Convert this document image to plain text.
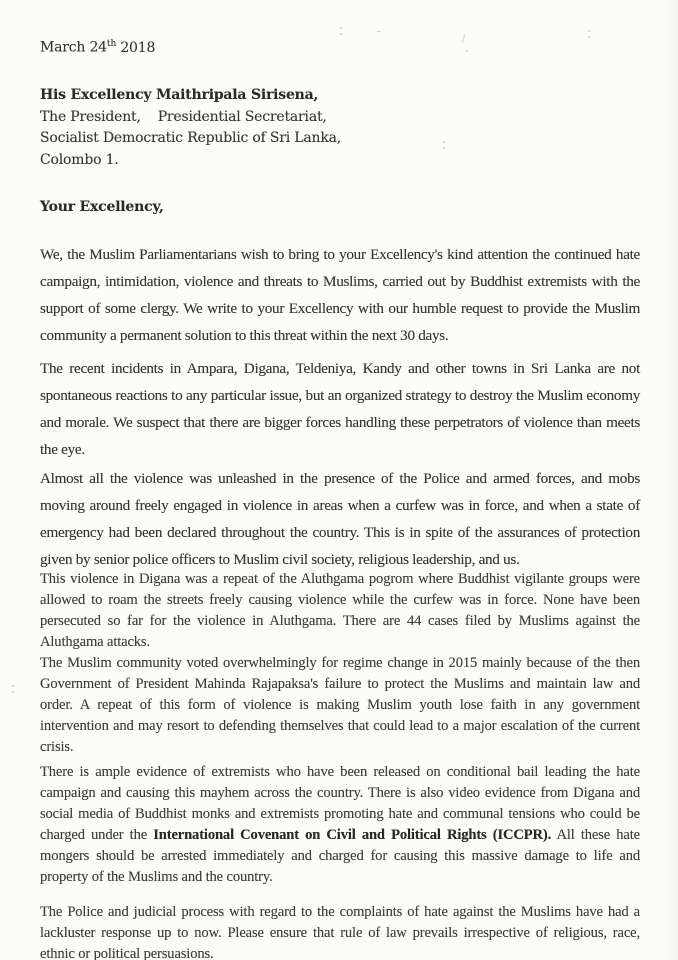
March 24th 2018
His Excellency Maithripala Sirisena,
The President,    Presidential Secretariat,
Socialist Democratic Republic of Sri Lanka,
Colombo 1.
Your Excellency,

We, the Muslim Parliamentarians wish to bring to your Excellency's kind attention the continued hate campaign, intimidation, violence and threats to Muslims, carried out by Buddhist extremists with the support of some clergy. We write to your Excellency with our humble request to provide the Muslim community a permanent solution to this threat within the next 30 days.

The recent incidents in Ampara, Digana, Teldeniya, Kandy and other towns in Sri Lanka are not spontaneous reactions to any particular issue, but an organized strategy to destroy the Muslim economy and morale. We suspect that there are bigger forces handling these perpetrators of violence than meets the eye.

Almost all the violence was unleashed in the presence of the Police and armed forces, and mobs moving around freely engaged in violence in areas when a curfew was in force, and when a state of emergency had been declared throughout the country. This is in spite of the assurances of protection given by senior police officers to Muslim civil society, religious leadership, and us.

This violence in Digana was a repeat of the Aluthgama pogrom where Buddhist vigilante groups were allowed to roam the streets freely causing violence while the curfew was in force. None have been persecuted so far for the violence in Aluthgama. There are 44 cases filed by Muslims against the Aluthgama attacks.

The Muslim community voted overwhelmingly for regime change in 2015 mainly because of the then Government of President Mahinda Rajapaksa's failure to protect the Muslims and maintain law and order. A repeat of this form of violence is making Muslim youth lose faith in any government intervention and may resort to defending themselves that could lead to a major escalation of the current crisis.

There is ample evidence of extremists who have been released on conditional bail leading the hate campaign and causing this mayhem across the country. There is also video evidence from Digana and social media of Buddhist monks and extremists promoting hate and communal tensions who could be charged under the International Covenant on Civil and Political Rights (ICCPR). All these hate mongers should be arrested immediately and charged for causing this massive damage to life and property of the Muslims and the country.

The Police and judicial process with regard to the complaints of hate against the Muslims have had a lackluster response up to now. Please ensure that rule of law prevails irrespective of religious, race, ethnic or political persuasions.
